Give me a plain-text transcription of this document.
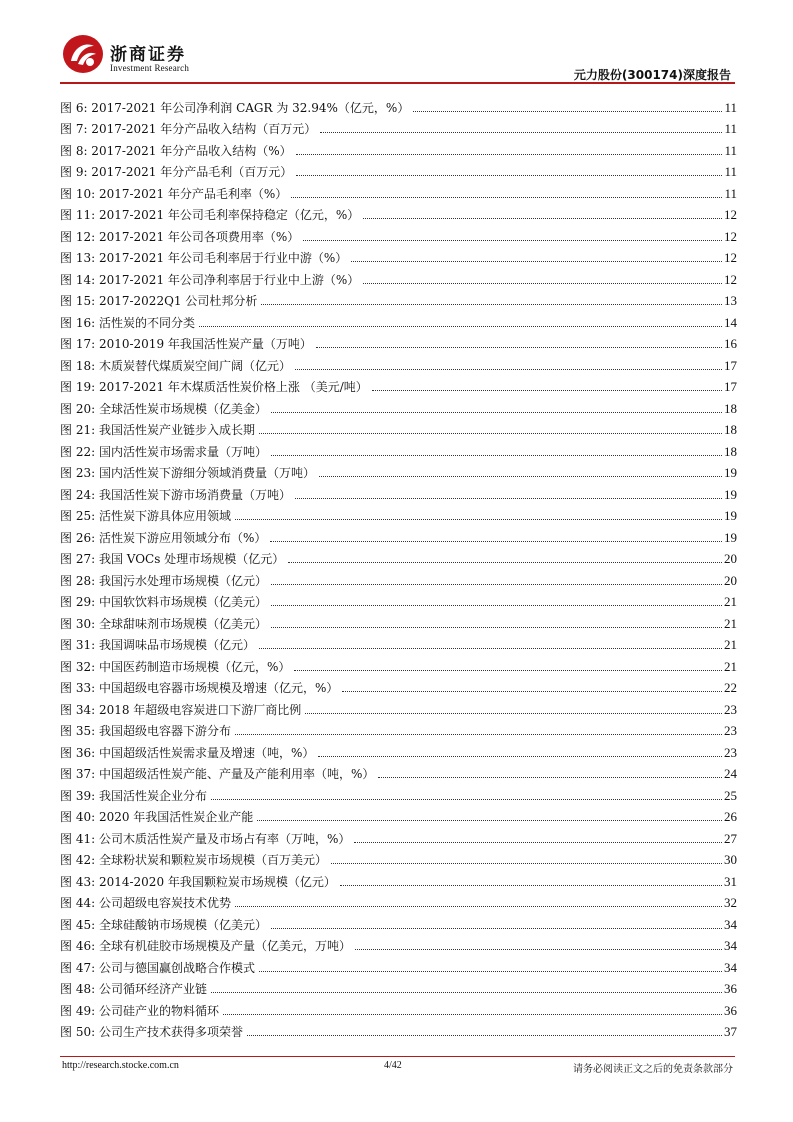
浙商证券
Investment Research	元力股份(300174)深度报告
图 6: 2017-2021 年公司净利润 CAGR 为 32.94%（亿元，%）	11
图 7: 2017-2021 年分产品收入结构（百万元）	11
图 8: 2017-2021 年分产品收入结构（%）	11
图 9: 2017-2021 年分产品毛利（百万元）	11
图 10: 2017-2021 年分产品毛利率（%）	11
图 11: 2017-2021 年公司毛利率保持稳定（亿元，%）	12
图 12: 2017-2021 年公司各项费用率（%）	12
图 13: 2017-2021 年公司毛利率居于行业中游（%）	12
图 14: 2017-2021 年公司净利率居于行业中上游（%）	12
图 15: 2017-2022Q1 公司杜邦分析	13
图 16: 活性炭的不同分类	14
图 17: 2010-2019 年我国活性炭产量（万吨）	16
图 18: 木质炭替代煤质炭空间广阔（亿元）	17
图 19: 2017-2021 年木煤质活性炭价格上涨 （美元/吨）	17
图 20: 全球活性炭市场规模（亿美金）	18
图 21: 我国活性炭产业链步入成长期	18
图 22: 国内活性炭市场需求量（万吨）	18
图 23: 国内活性炭下游细分领域消费量（万吨）	19
图 24: 我国活性炭下游市场消费量（万吨）	19
图 25: 活性炭下游具体应用领域	19
图 26: 活性炭下游应用领域分布（%）	19
图 27: 我国 VOCs 处理市场规模（亿元）	20
图 28: 我国污水处理市场规模（亿元）	20
图 29: 中国软饮料市场规模（亿美元）	21
图 30: 全球甜味剂市场规模（亿美元）	21
图 31: 我国调味品市场规模（亿元）	21
图 32: 中国医药制造市场规模（亿元，%）	21
图 33: 中国超级电容器市场规模及增速（亿元，%）	22
图 34: 2018 年超级电容炭进口下游厂商比例	23
图 35: 我国超级电容器下游分布	23
图 36: 中国超级活性炭需求量及增速（吨，%）	23
图 37: 中国超级活性炭产能、产量及产能利用率（吨，%）	24
图 39: 我国活性炭企业分布	25
图 40: 2020 年我国活性炭企业产能	26
图 41: 公司木质活性炭产量及市场占有率（万吨，%）	27
图 42: 全球粉状炭和颗粒炭市场规模（百万美元）	30
图 43: 2014-2020 年我国颗粒炭市场规模（亿元）	31
图 44: 公司超级电容炭技术优势	32
图 45: 全球硅酸钠市场规模（亿美元）	34
图 46: 全球有机硅胶市场规模及产量（亿美元，万吨）	34
图 47: 公司与德国赢创战略合作模式	34
图 48: 公司循环经济产业链	36
图 49: 公司硅产业的物料循环	36
图 50: 公司生产技术获得多项荣誉	37
http://research.stocke.com.cn	4/42	请务必阅读正文之后的免责条款部分
